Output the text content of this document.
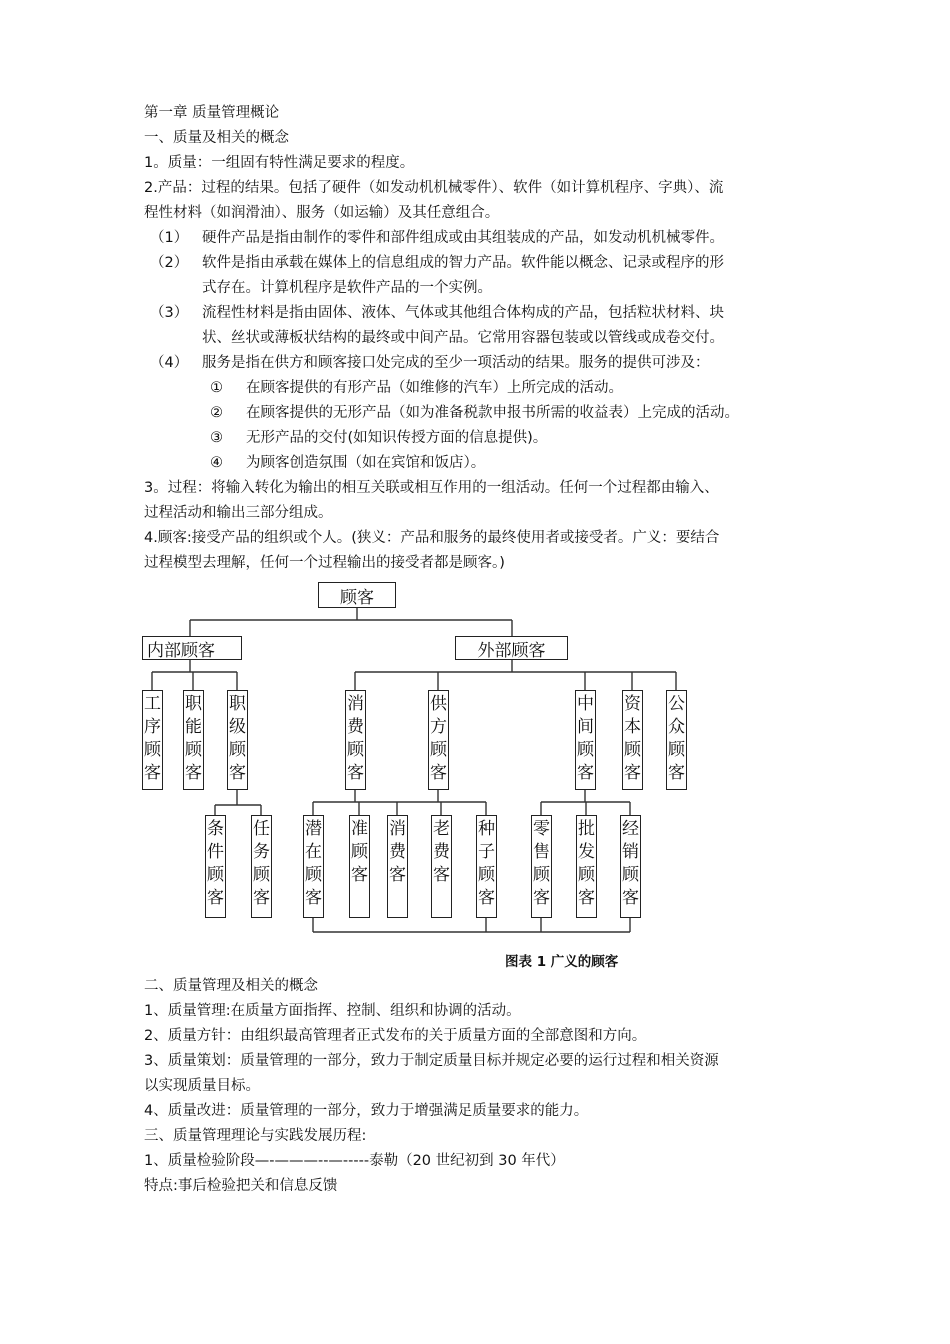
第一章 质量管理概论
一、质量及相关的概念
1。质量：一组固有特性满足要求的程度。
2.产品：过程的结果。包括了硬件（如发动机机械零件）、软件（如计算机程序、字典）、流
程性材料（如润滑油）、服务（如运输）及其任意组合。
（1） 硬件产品是指由制作的零件和部件组成或由其组装成的产品，如发动机机械零件。
（2） 软件是指由承载在媒体上的信息组成的智力产品。软件能以概念、记录或程序的形
式存在。计算机程序是软件产品的一个实例。
（3） 流程性材料是指由固体、液体、气体或其他组合体构成的产品，包括粒状材料、块
状、丝状或薄板状结构的最终或中间产品。它常用容器包装或以管线或成卷交付。
（4） 服务是指在供方和顾客接口处完成的至少一项活动的结果。服务的提供可涉及：
① 在顾客提供的有形产品（如维修的汽车）上所完成的活动。
② 在顾客提供的无形产品（如为准备税款申报书所需的收益表）上完成的活动。
③ 无形产品的交付(如知识传授方面的信息提供)。
④ 为顾客创造氛围（如在宾馆和饭店）。
3。过程：将输入转化为输出的相互关联或相互作用的一组活动。任何一个过程都由输入、
过程活动和输出三部分组成。
4.顾客:接受产品的组织或个人。(狭义：产品和服务的最终使用者或接受者。广义：要结合
过程模型去理解，任何一个过程输出的接受者都是顾客。)
顾客
内部顾客	外部顾客
工
序
顾
客
职
能
顾
客
职
级
顾
客
条
件
顾
客
任
务
顾
客
消
费
顾
客
供
方
顾
客
中
间
顾
客
资
本
顾
客
公
众
顾
客
潜
在
顾
客
准
顾
客
消
费
客
老
费
客
种
子
顾
客
零
售
顾
客
批
发
顾
客
经
销
顾
客
图表 1 广义的顾客
二、质量管理及相关的概念
1、质量管理:在质量方面指挥、控制、组织和协调的活动。
2、质量方针：由组织最高管理者正式发布的关于质量方面的全部意图和方向。
3、质量策划：质量管理的一部分，致力于制定质量目标并规定必要的运行过程和相关资源
以实现质量目标。
4、质量改进：质量管理的一部分，致力于增强满足质量要求的能力。
三、质量管理理论与实践发展历程:
1、质量检验阶段—-———--—-----泰勒（20 世纪初到 30 年代）
特点:事后检验把关和信息反馈
